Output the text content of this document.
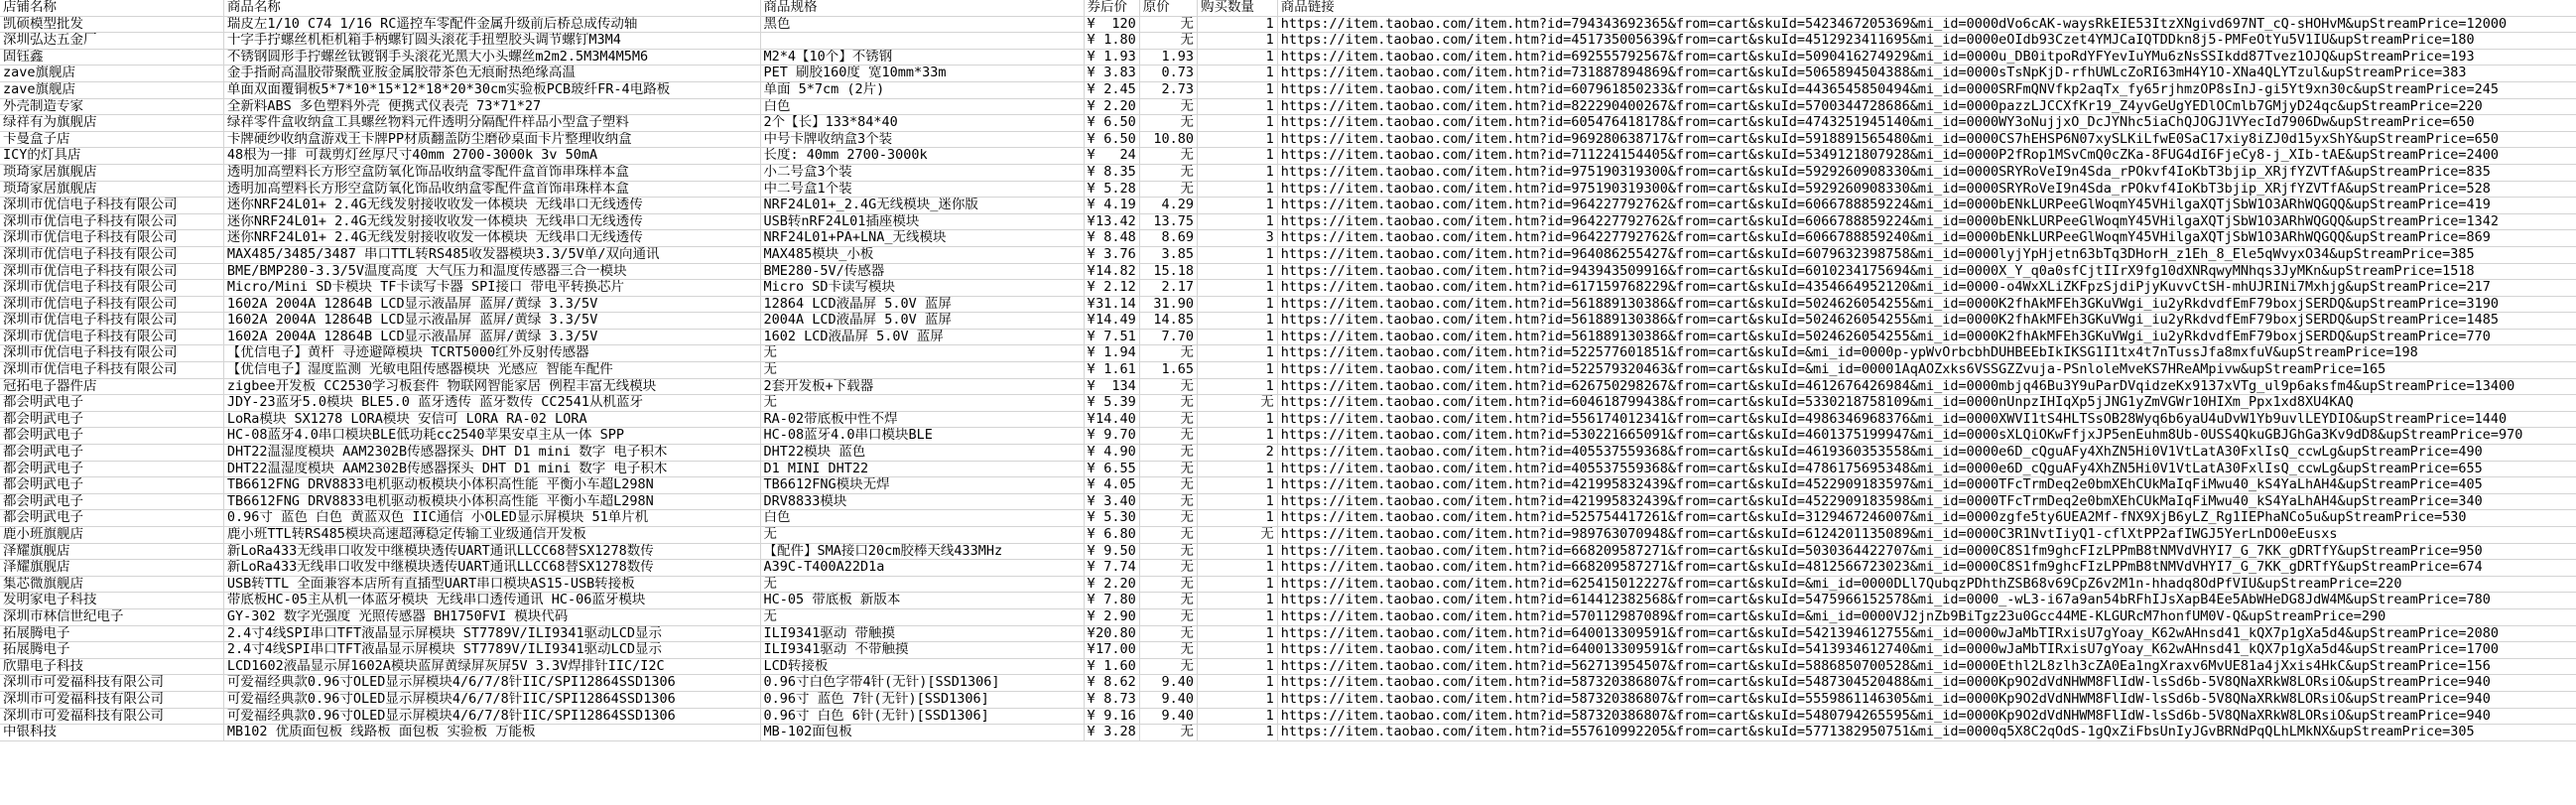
店铺名称	商品名称	商品规格	券后价	原价	购买数量	商品链接
凯硕模型批发	瑞皮左1/10 C74 1/16 RC遥控车零配件金属升级前后桥总成传动轴	黑色	¥ 120	无	1	https://item.taobao.com/item.htm?id=794343692365&from=cart&skuId=5423467205369&mi_id=0000dVo6cAK-waysRkEIE53ItzXNgivd697NT_cQ-sHOHvM&upStreamPrice=12000
深圳弘达五金厂	十字手拧螺丝机柜机箱手柄螺钉圆头滚花手扭塑胶头调节螺钉M3M4		¥ 1.80	无	1	https://item.taobao.com/item.htm?id=451735005639&from=cart&skuId=4512923411695&mi_id=0000eOIdb93Czet4YMJCaIQTDDkn8j5-PMFeOtYu5V1IU&upStreamPrice=180
固钰鑫	不锈钢圆形手拧螺丝钛镀钢手头滚花光黑大小头螺丝m2m2.5M3M4M5M6	M2*4【10个】不锈钢	¥ 1.93	1.93	1	https://item.taobao.com/item.htm?id=692555792567&from=cart&skuId=5090416274929&mi_id=0000u_DB0itpoRdYFYevIuYMu6zNsSSIkdd87Tvez1OJQ&upStreamPrice=193
zave旗舰店	金手指耐高温胶带聚酰亚胺金属胶带茶色无痕耐热绝缘高温	PET 刷胶160度 宽10mm*33m	¥ 3.83	0.73	1	https://item.taobao.com/item.htm?id=731887894869&from=cart&skuId=5065894504388&mi_id=0000sTsNpKjD-rfhUWLcZoRI63mH4Y1O-XNa4QLYTzul&upStreamPrice=383
zave旗舰店	单面双面覆铜板5*7*10*15*12*18*20*30cm实验板PCB玻纤FR-4电路板	单面 5*7cm (2片)	¥ 2.45	2.73	1	https://item.taobao.com/item.htm?id=607961850233&from=cart&skuId=4436545850494&mi_id=0000SRFmQNVfkp2aqTx_fy65rjhmzOP8sInJ-gi5Yt9xn30c&upStreamPrice=245
外壳制造专家	全新料ABS 多色塑料外壳 便携式仪表壳 73*71*27	白色	¥ 2.20	无	1	https://item.taobao.com/item.htm?id=822290400267&from=cart&skuId=5700344728686&mi_id=0000pazzLJCCXfKr19_Z4yvGeUgYEDlOCmlb7GMjyD24qc&upStreamPrice=220
绿祥有为旗舰店	绿祥零件盒收纳盒工具螺丝物料元件透明分隔配件样品小型盒子塑料	2个【长】133*84*40	¥ 6.50	无	1	https://item.taobao.com/item.htm?id=605476418178&from=cart&skuId=4743251945140&mi_id=0000WY3oNujjxO_DcJYNhc5iaChQJOGJ1VYecId7906Dw&upStreamPrice=650
卡曼盒子店	卡牌硬纱收纳盒游戏王卡牌PP材质翻盖防尘磨砂桌面卡片整理收纳盒	中号卡牌收纳盒3个装	¥ 6.50	10.80	1	https://item.taobao.com/item.htm?id=969280638717&from=cart&skuId=5918891565480&mi_id=0000CS7hEHSP6N07xySLKiLfwE0SaC17xiy8iZJ0d15yxShY&upStreamPrice=650
ICY的灯具店	48根为一排 可裁剪灯丝厚尺寸40mm 2700-3000k 3v 50mA	长度: 40mm 2700-3000k	¥ 24	无	1	https://item.taobao.com/item.htm?id=711224154405&from=cart&skuId=5349121807928&mi_id=0000P2fRop1MSvCmQ0cZKa-8FUG4dI6FjeCy8-j_XIb-tAE&upStreamPrice=2400
琐琦家居旗舰店	透明加高塑料长方形空盒防氧化饰品收纳盒零配件盒首饰串珠样本盒	小二号盒3个装	¥ 8.35	无	1	https://item.taobao.com/item.htm?id=975190319300&from=cart&skuId=5929260908330&mi_id=0000SRYRoVeI9n4Sda_rPOkvf4IoKbT3bjip_XRjfYZVTfA&upStreamPrice=835
琐琦家居旗舰店	透明加高塑料长方形空盒防氧化饰品收纳盒零配件盒首饰串珠样本盒	中二号盒1个装	¥ 5.28	无	1	https://item.taobao.com/item.htm?id=975190319300&from=cart&skuId=5929260908330&mi_id=0000SRYRoVeI9n4Sda_rPOkvf4IoKbT3bjip_XRjfYZVTfA&upStreamPrice=528
深圳市优信电子科技有限公司	迷你NRF24L01+ 2.4G无线发射接收收发一体模块 无线串口无线透传	NRF24L01+_2.4G无线模块_迷你版	¥ 4.19	4.29	1	https://item.taobao.com/item.htm?id=964227792762&from=cart&skuId=6066788859224&mi_id=0000bENkLURPeeGlWoqmY45VHilgaXQTjSbW1O3ARhWQGQQ&upStreamPrice=419
深圳市优信电子科技有限公司	迷你NRF24L01+ 2.4G无线发射接收收发一体模块 无线串口无线透传	USB转nRF24L01插座模块	¥ 13.42	13.75	1	https://item.taobao.com/item.htm?id=964227792762&from=cart&skuId=6066788859224&mi_id=0000bENkLURPeeGlWoqmY45VHilgaXQTjSbW1O3ARhWQGQQ&upStreamPrice=1342
深圳市优信电子科技有限公司	迷你NRF24L01+ 2.4G无线发射接收收发一体模块 无线串口无线透传	NRF24L01+PA+LNA_无线模块	¥ 8.48	8.69	3	https://item.taobao.com/item.htm?id=964227792762&from=cart&skuId=6066788859240&mi_id=0000bENkLURPeeGlWoqmY45VHilgaXQTjSbW1O3ARhWQGQQ&upStreamPrice=869
深圳市优信电子科技有限公司	MAX485/3485/3487 串口TTL转RS485收发器模块3.3/5V单/双向通讯	MAX485模块_小板	¥ 3.76	3.85	1	https://item.taobao.com/item.htm?id=964086255427&from=cart&skuId=6079632398758&mi_id=0000lyjYpHjetn63bTq3DHorH_z1Eh_8_Ele5qWvyxO34&upStreamPrice=385
深圳市优信电子科技有限公司	BME/BMP280-3.3/5V温度高度 大气压力和温度传感器三合一模块	BME280-5V/传感器	¥ 14.82	15.18	1	https://item.taobao.com/item.htm?id=943943509916&from=cart&skuId=6010234175694&mi_id=0000X_Y_q0a0sfCjtIIrX9fg10dXNRqwyMNhqs3JyMKn&upStreamPrice=1518
深圳市优信电子科技有限公司	Micro/Mini SD卡模块 TF卡读写卡器 SPI接口 带电平转换芯片	Micro SD卡读写模块	¥ 2.12	2.17	1	https://item.taobao.com/item.htm?id=617159768229&from=cart&skuId=4354664952120&mi_id=0000-o4WxXLiZKFpzSjdiPjyKuvvCtSH-mhUJRINi7Mxhjg&upStreamPrice=217
深圳市优信电子科技有限公司	1602A 2004A 12864B LCD显示液晶屏 蓝屏/黄绿 3.3/5V	12864 LCD液晶屏 5.0V 蓝屏	¥ 31.14	31.90	1	https://item.taobao.com/item.htm?id=561889130386&from=cart&skuId=5024626054255&mi_id=0000K2fhAkMFEh3GKuVWgi_iu2yRkdvdfEmF79boxjSERDQ&upStreamPrice=3190
深圳市优信电子科技有限公司	1602A 2004A 12864B LCD显示液晶屏 蓝屏/黄绿 3.3/5V	2004A LCD液晶屏 5.0V 蓝屏	¥ 14.49	14.85	1	https://item.taobao.com/item.htm?id=561889130386&from=cart&skuId=5024626054255&mi_id=0000K2fhAkMFEh3GKuVWgi_iu2yRkdvdfEmF79boxjSERDQ&upStreamPrice=1485
深圳市优信电子科技有限公司	1602A 2004A 12864B LCD显示液晶屏 蓝屏/黄绿 3.3/5V	1602 LCD液晶屏 5.0V 蓝屏	¥ 7.51	7.70	1	https://item.taobao.com/item.htm?id=561889130386&from=cart&skuId=5024626054255&mi_id=0000K2fhAkMFEh3GKuVWgi_iu2yRkdvdfEmF79boxjSERDQ&upStreamPrice=770
深圳市优信电子科技有限公司	【优信电子】黄杆 寻迹避障模块 TCRT5000红外反射传感器	无	¥ 1.94	无	1	https://item.taobao.com/item.htm?id=522577601851&from=cart&skuId=&mi_id=0000p-ypWvOrbcbhDUHBEEbIkIKSG1I1tx4t7nTussJfa8mxfuV&upStreamPrice=198
深圳市优信电子科技有限公司	【优信电子】湿度监测 光敏电阻传感器模块 光感应 智能车配件	无	¥ 1.61	1.65	1	https://item.taobao.com/item.htm?id=522579320463&from=cart&skuId=&mi_id=00001AqAOZxks6VSSGZZvuja-PSnloleMveKS7HReAMpivw&upStreamPrice=165
冠拓电子器件店	zigbee开发板 CC2530学习板套件 物联网智能家居 例程丰富无线模块	2套开发板+下载器	¥ 134	无	1	https://item.taobao.com/item.htm?id=626750298267&from=cart&skuId=4612676426984&mi_id=0000mbjq46Bu3Y9uParDVqidzeKx9137xVTg_ul9p6aksfm4&upStreamPrice=13400
都会明武电子	JDY-23蓝牙5.0模块 BLE5.0 蓝牙透传 蓝牙数传 CC2541从机蓝牙	无	¥ 5.39	无	无	https://item.taobao.com/item.htm?id=604618799438&from=cart&skuId=5330218758109&mi_id=0000nUnpzIHIqXp5jJNG1yZmVGWr10HIXm_Ppx1xd8XU4KAQ
都会明武电子	LoRa模块 SX1278 LORA模块 安信可 LORA RA-02 LORA	RA-02带底板中性不焊	¥ 14.40	无	1	https://item.taobao.com/item.htm?id=556174012341&from=cart&skuId=4986346968376&mi_id=0000XWVI1tS4HLTSsOB28Wyq6b6yaU4uDvW1Yb9uvlLEYDIO&upStreamPrice=1440
都会明武电子	HC-08蓝牙4.0串口模块BLE低功耗cc2540苹果安卓主从一体 SPP	HC-08蓝牙4.0串口模块BLE	¥ 9.70	无	1	https://item.taobao.com/item.htm?id=530221665091&from=cart&skuId=4601375199947&mi_id=0000sXLQiOKwFfjxJP5enEuhm8Ub-0USS4QkuGBJGhGa3Kv9dD8&upStreamPrice=970
都会明武电子	DHT22温湿度模块 AAM2302B传感器探头 DHT D1 mini 数字 电子积木	DHT22模块 蓝色	¥ 4.90	无	2	https://item.taobao.com/item.htm?id=405537559368&from=cart&skuId=4619360353558&mi_id=0000e6D_cQguAFy4XhZN5Hi0V1VtLatA30FxlIsQ_ccwLg&upStreamPrice=490
都会明武电子	DHT22温湿度模块 AAM2302B传感器探头 DHT D1 mini 数字 电子积木	D1 MINI DHT22	¥ 6.55	无	1	https://item.taobao.com/item.htm?id=405537559368&from=cart&skuId=4786175695348&mi_id=0000e6D_cQguAFy4XhZN5Hi0V1VtLatA30FxlIsQ_ccwLg&upStreamPrice=655
都会明武电子	TB6612FNG DRV8833电机驱动板模块小体积高性能 平衡小车超L298N	TB6612FNG模块无焊	¥ 4.05	无	1	https://item.taobao.com/item.htm?id=421995832439&from=cart&skuId=4522909183597&mi_id=0000TFcTrmDeq2e0bmXEhCUkMaIqFiMwu40_kS4YaLhAH4&upStreamPrice=405
都会明武电子	TB6612FNG DRV8833电机驱动板模块小体积高性能 平衡小车超L298N	DRV8833模块	¥ 3.40	无	1	https://item.taobao.com/item.htm?id=421995832439&from=cart&skuId=4522909183598&mi_id=0000TFcTrmDeq2e0bmXEhCUkMaIqFiMwu40_kS4YaLhAH4&upStreamPrice=340
都会明武电子	0.96寸 蓝色 白色 黄蓝双色 IIC通信 小OLED显示屏模块 51单片机	白色	¥ 5.30	无	1	https://item.taobao.com/item.htm?id=525754417261&from=cart&skuId=3129467246007&mi_id=0000zgfe5ty6UEA2Mf-fNX9XjB6yLZ_Rg1IEPhaNCo5u&upStreamPrice=530
鹿小班旗舰店	鹿小班TTL转RS485模块高速超薄稳定传输工业级通信开发板	无	¥ 6.80	无	无	https://item.taobao.com/item.htm?id=989763070948&from=cart&skuId=6124201135089&mi_id=0000C3R1NvtIiyQ1-cflXtPP2afIWGJ5YerLnDO0eEusxs
泽耀旗舰店	新LoRa433无线串口收发中继模块透传UART通讯LLCC68替SX1278数传	【配件】SMA接口20cm胶棒天线433MHz	¥ 9.50	无	1	https://item.taobao.com/item.htm?id=668209587271&from=cart&skuId=5030364422707&mi_id=0000C8S1fm9ghcFIzLPPmB8tNMVdVHYI7_G_7KK_gDRTfY&upStreamPrice=950
泽耀旗舰店	新LoRa433无线串口收发中继模块透传UART通讯LLCC68替SX1278数传	A39C-T400A22D1a	¥ 7.74	无	1	https://item.taobao.com/item.htm?id=668209587271&from=cart&skuId=4812566723023&mi_id=0000C8S1fm9ghcFIzLPPmB8tNMVdVHYI7_G_7KK_gDRTfY&upStreamPrice=674
集芯微旗舰店	USB转TTL 全面兼容本店所有直插型UART串口模块AS15-USB转接板	无	¥ 2.20	无	1	https://item.taobao.com/item.htm?id=625415012227&from=cart&skuId=&mi_id=0000DLl7QubqzPDhthZSB68v69CpZ6v2M1n-hhadq8OdPfVIU&upStreamPrice=220
发明家电子科技	带底板HC-05主从机一体蓝牙模块 无线串口透传通讯 HC-06蓝牙模块	HC-05 带底板 新版本	¥ 7.80	无	1	https://item.taobao.com/item.htm?id=614412382568&from=cart&skuId=5475966152578&mi_id=0000_-wL3-i67a9an54bRFhIJsXapB4Ee5AbWHeDG8JdW4M&upStreamPrice=780
深圳市林信世纪电子	GY-302 数字光强度 光照传感器 BH1750FVI 模块代码	无	¥ 2.90	无	1	https://item.taobao.com/item.htm?id=570112987089&from=cart&skuId=&mi_id=0000VJ2jnZb9BiTgz23u0Gcc44ME-KLGURcM7honfUM0V-Q&upStreamPrice=290
拓展腾电子	2.4寸4线SPI串口TFT液晶显示屏模块 ST7789V/ILI9341驱动LCD显示	ILI9341驱动 带触摸	¥ 20.80	无	1	https://item.taobao.com/item.htm?id=640013309591&from=cart&skuId=5421394612755&mi_id=0000wJaMbTIRxisU7gYoay_K62wAHnsd41_kQX7p1gXa5d4&upStreamPrice=2080
拓展腾电子	2.4寸4线SPI串口TFT液晶显示屏模块 ST7789V/ILI9341驱动LCD显示	ILI9341驱动 不带触摸	¥ 17.00	无	1	https://item.taobao.com/item.htm?id=640013309591&from=cart&skuId=5413934612740&mi_id=0000wJaMbTIRxisU7gYoay_K62wAHnsd41_kQX7p1gXa5d4&upStreamPrice=1700
欣鼎电子科技	LCD1602液晶显示屏1602A模块蓝屏黄绿屏灰屏5V 3.3V焊排针IIC/I2C	LCD转接板	¥ 1.60	无	1	https://item.taobao.com/item.htm?id=562713954507&from=cart&skuId=5886850700528&mi_id=0000Ethl2L8zlh3cZA0Ea1ngXraxv6MvUE81a4jXxis4HkC&upStreamPrice=156
深圳市可爱福科技有限公司	可爱福经典款0.96寸OLED显示屏模块4/6/7/8针IIC/SPI12864SSD1306	0.96寸白色字带4针(无针)[SSD1306]	¥ 8.62	9.40	1	https://item.taobao.com/item.htm?id=587320386807&from=cart&skuId=5487304520488&mi_id=0000Kp9O2dVdNHWM8FlIdW-lsSd6b-5V8QNaXRkW8LORsiO&upStreamPrice=940
深圳市可爱福科技有限公司	可爱福经典款0.96寸OLED显示屏模块4/6/7/8针IIC/SPI12864SSD1306	0.96寸 蓝色 7针(无针)[SSD1306]	¥ 8.73	9.40	1	https://item.taobao.com/item.htm?id=587320386807&from=cart&skuId=5559861146305&mi_id=0000Kp9O2dVdNHWM8FlIdW-lsSd6b-5V8QNaXRkW8LORsiO&upStreamPrice=940
深圳市可爱福科技有限公司	可爱福经典款0.96寸OLED显示屏模块4/6/7/8针IIC/SPI12864SSD1306	0.96寸 白色 6针(无针)[SSD1306]	¥ 9.16	9.40	1	https://item.taobao.com/item.htm?id=587320386807&from=cart&skuId=5480794265595&mi_id=0000Kp9O2dVdNHWM8FlIdW-lsSd6b-5V8QNaXRkW8LORsiO&upStreamPrice=940
中银科技	MB102 优质面包板 线路板 面包板 实验板 万能板	MB-102面包板	¥ 3.28	无	1	https://item.taobao.com/item.htm?id=557610992205&from=cart&skuId=5771382950751&mi_id=0000q5X8C2qOdS-1gQxZiFbsUnIyJGvBRNdPqQLhLMkNX&upStreamPrice=305
